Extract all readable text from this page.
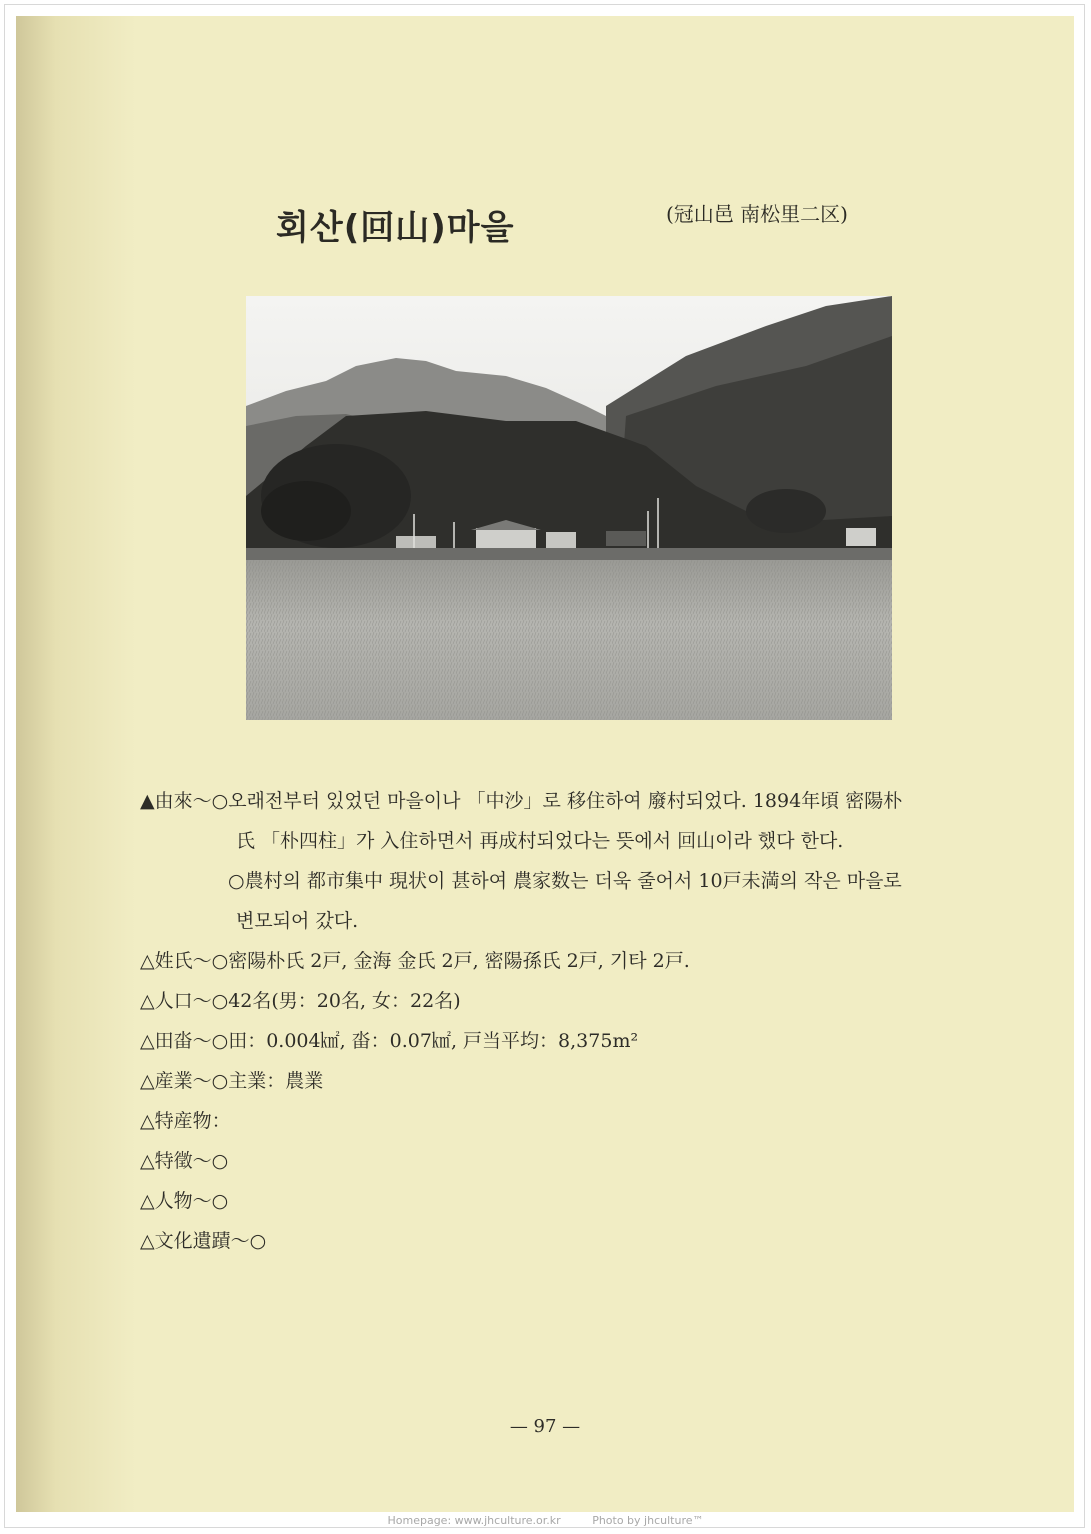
회산(回山)마을	(冠山邑 南松里二区)
▲由來～○오래전부터 있었던 마을이나 「中沙」로 移住하여 廢村되었다. 1894年頃 密陽朴
氏 「朴四柱」가 入住하면서 再成村되었다는 뜻에서 回山이라 했다 한다.
○農村의 都市集中 現状이 甚하여 農家数는 더욱 줄어서 10戸未満의 작은 마을로
변모되어 갔다.
△姓氏～○密陽朴氏 2戸, 金海 金氏 2戸, 密陽孫氏 2戸, 기타 2戸.
△人口～○42名(男：20名, 女：22名)
△田畓～○田：0.004㎢, 畓：0.07㎢, 戸当平均：8,375m²
△産業～○主業：農業
△特産物：
△特徵～○
△人物～○
△文化遺蹟～○
— 97 —
Homepage: www.jhculture.or.kr	Photo by jhculture™
